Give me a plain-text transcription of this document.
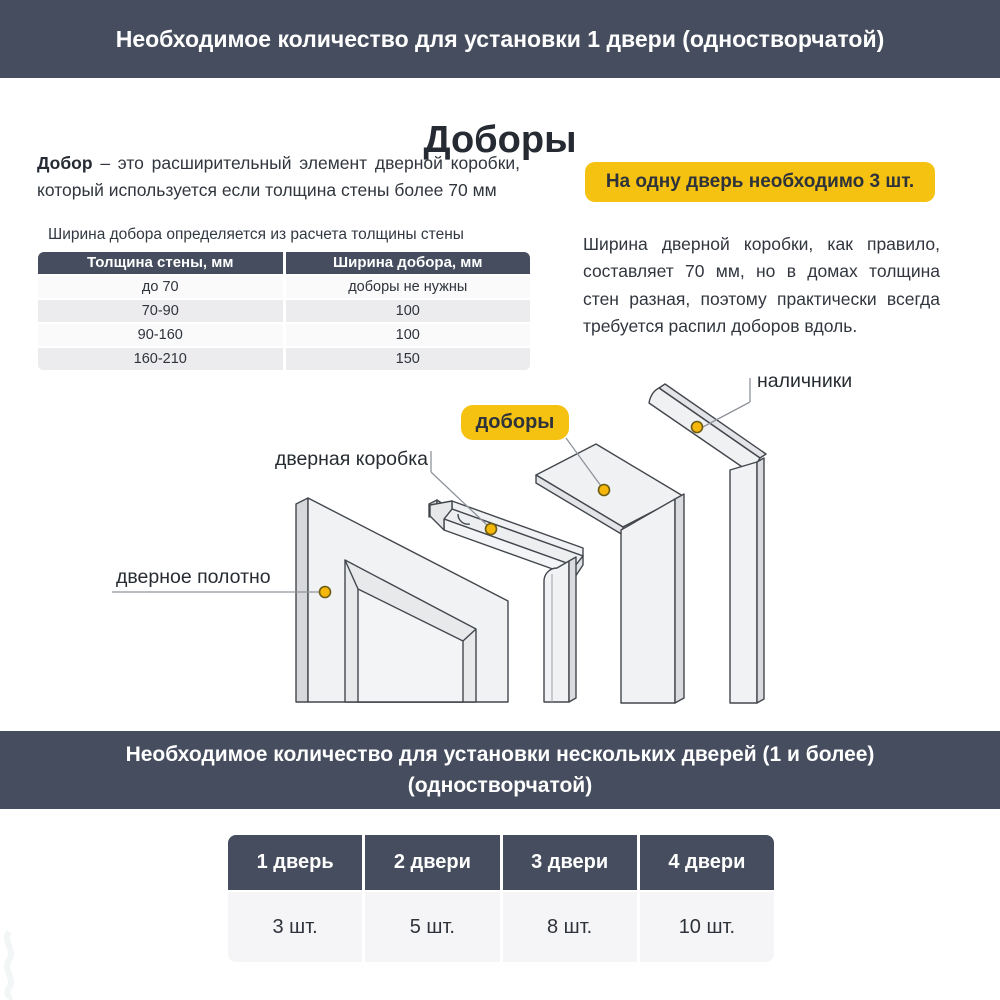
Необходимое количество для установки 1 двери (одностворчатой)
Доборы

Добор – это расширительный элемент дверной коробки, который используется если толщина стены более 70 мм

Ширина добора определяется из расчета толщины стены

Толщина стены, мм	Ширина добора, мм
до 70	доборы не нужны
70-90	100
90-160	100
160-210	150
На одну дверь необходимо 3 шт.

Ширина дверной коробки, как правило, составляет 70 мм, но в домах толщина стен разная, поэтому практически всегда требуется распил доборов вдоль.

наличники
дверная коробка
дверное полотно
доборы
Необходимое количество для установки нескольких дверей (1 и более)
(одностворчатой)
1 дверь	2 двери	3 двери	4 двери
3 шт.	5 шт.	8 шт.	10 шт.
